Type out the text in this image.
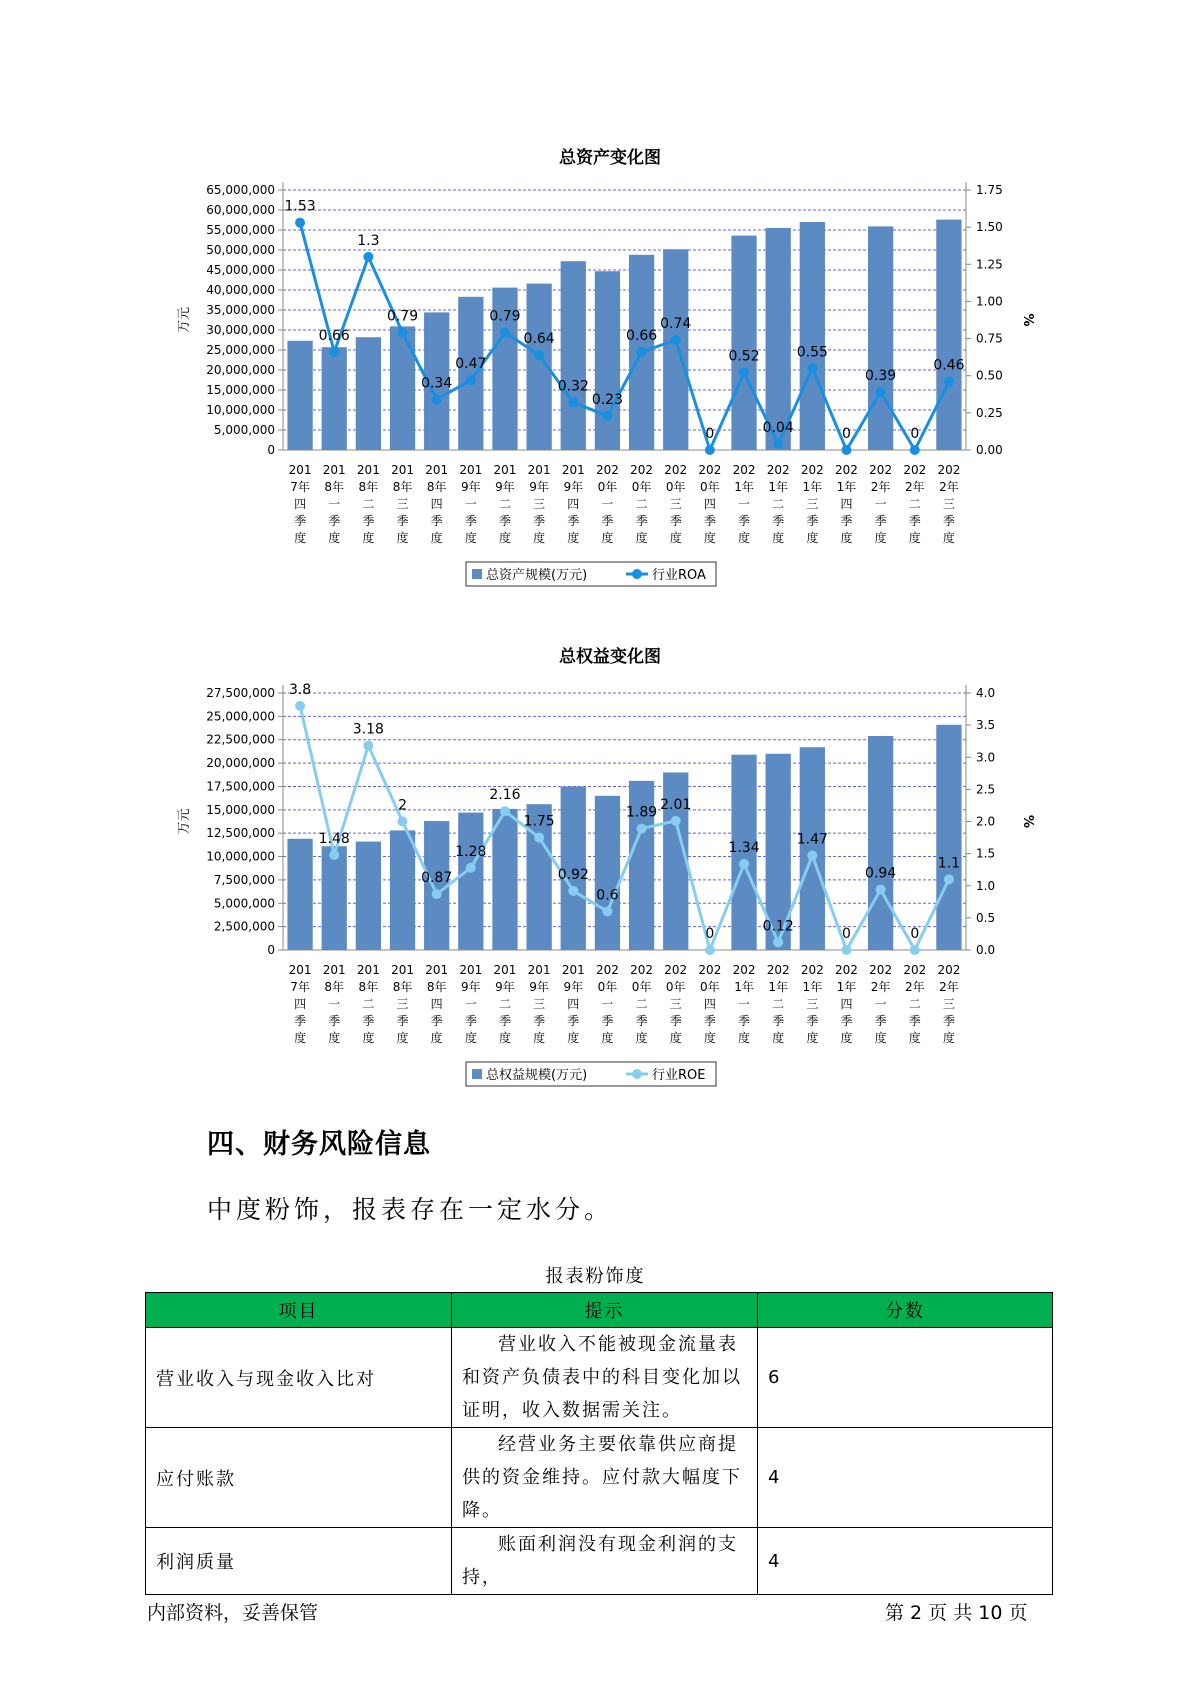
总资产变化图
0
5,000,000
10,000,000
15,000,000
20,000,000
25,000,000
30,000,000
35,000,000
40,000,000
45,000,000
50,000,000
55,000,000
60,000,000
65,000,000
0.00
0.25
0.50
0.75
1.00
1.25
1.50
1.75
万元	%
1.53
0.66
1.3
0.79
0.34
0.47
0.79
0.64
0.32
0.23
0.66
0.74
0
0.52
0.04
0.55
0
0.39
0
0.46
201 7年四季度
201 8年一季度
201 8年二季度
201 8年三季度
201 8年四季度
201 9年一季度
201 9年二季度
201 9年三季度
201 9年四季度
202 0年一季度
202 0年二季度
202 0年三季度
202 0年四季度
202 1年一季度
202 1年二季度
202 1年三季度
202 1年四季度
202 2年一季度
202 2年二季度
202 2年三季度
总资产规模(万元)	行业ROA
总权益变化图
0
2,500,000
5,000,000
7,500,000
10,000,000
12,500,000
15,000,000
17,500,000
20,000,000
22,500,000
25,000,000
27,500,000
0.0
0.5
1.0
1.5
2.0
2.5
3.0
3.5
4.0
万元	%
3.8
1.48
3.18
2
0.87
1.28
2.16
1.75
0.92
0.6
1.89 2.01
0
1.34
0.12
1.47
0
0.94
0
1.1
201 7年四季度
201 8年一季度
201 8年二季度
201 8年三季度
201 8年四季度
201 9年一季度
201 9年二季度
201 9年三季度
201 9年四季度
202 0年一季度
202 0年二季度
202 0年三季度
202 0年四季度
202 1年一季度
202 1年二季度
202 1年三季度
202 1年四季度
202 2年一季度
202 2年二季度
202 2年三季度
总权益规模(万元)	行业ROE
四、财务风险信息
中度粉饰，报表存在一定水分。
报表粉饰度
项目	提示	分数
营业收入与现金收入比对	营业收入不能被现金流量表和资产负债表中的科目变化加以证明，收入数据需关注。	6
应付账款	经营业务主要依靠供应商提供的资金维持。应付款大幅度下降。	4
利润质量	账面利润没有现金利润的支持，	4
内部资料，妥善保管	第 2 页 共 10 页
